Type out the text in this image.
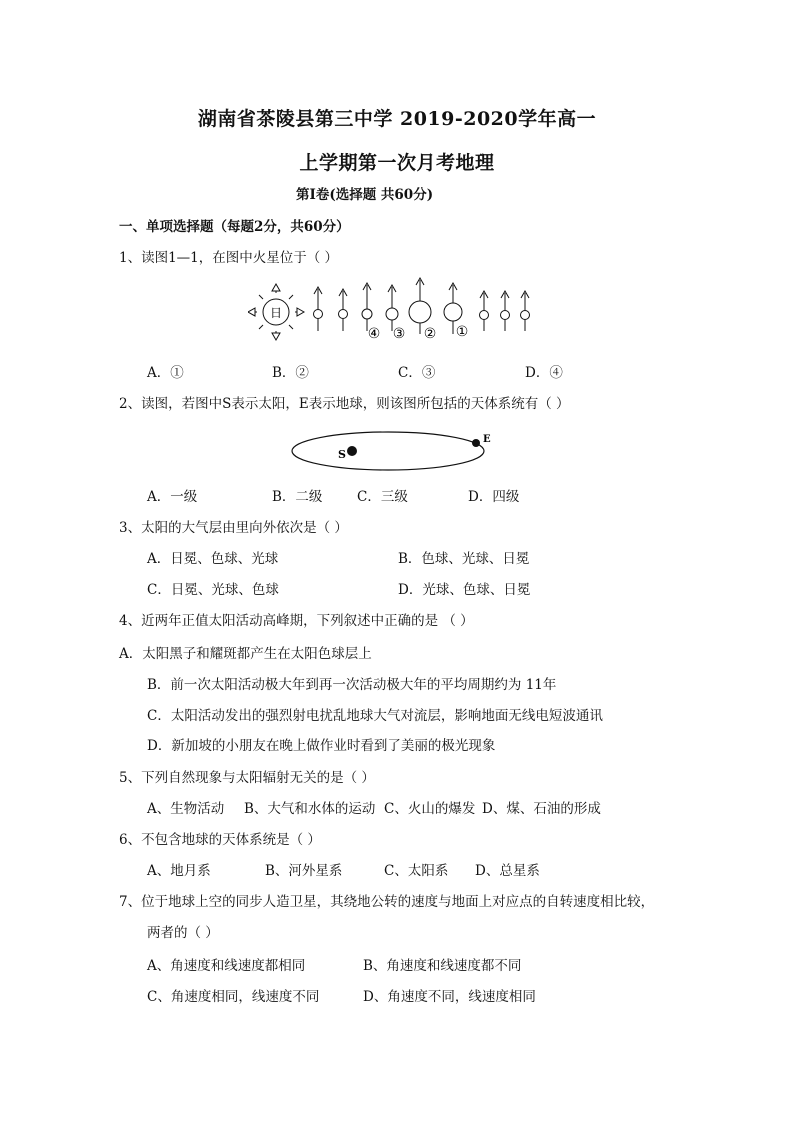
湖南省茶陵县第三中学 2019-2020学年高一
上学期第一次月考地理
第Ⅰ卷(选择题 共60分)
一、单项选择题（每题2分，共60分）
1、读图1—1，在图中火星位于（ ）
日
④ ③ ② ①
A．①	B．②	C．③	D．④
2、读图，若图中S表示太阳，E表示地球，则该图所包括的天体系统有（ ）
S
E
A．一级	B．二级	C．三级	D．四级
3、太阳的大气层由里向外依次是（ ）
A．日冕、色球、光球	B．色球、光球、日冕
C．日冕、光球、色球	D．光球、色球、日冕
4、近两年正值太阳活动高峰期，下列叙述中正确的是 （ ）
A．太阳黑子和耀斑都产生在太阳色球层上
B．前一次太阳活动极大年到再一次活动极大年的平均周期约为 11年
C．太阳活动发出的强烈射电扰乱地球大气对流层，影响地面无线电短波通讯
D．新加坡的小朋友在晚上做作业时看到了美丽的极光现象
5、下列自然现象与太阳辐射无关的是（ ）
A、生物活动 B、大气和水体的运动 C、火山的爆发 D、煤、石油的形成
6、不包含地球的天体系统是（ ）
A、地月系	B、河外星系	C、太阳系 D、总星系
7、位于地球上空的同步人造卫星，其绕地公转的速度与地面上对应点的自转速度相比较，
两者的（ ）
A、角速度和线速度都相同	B、角速度和线速度都不同
C、角速度相同，线速度不同	D、角速度不同，线速度相同
